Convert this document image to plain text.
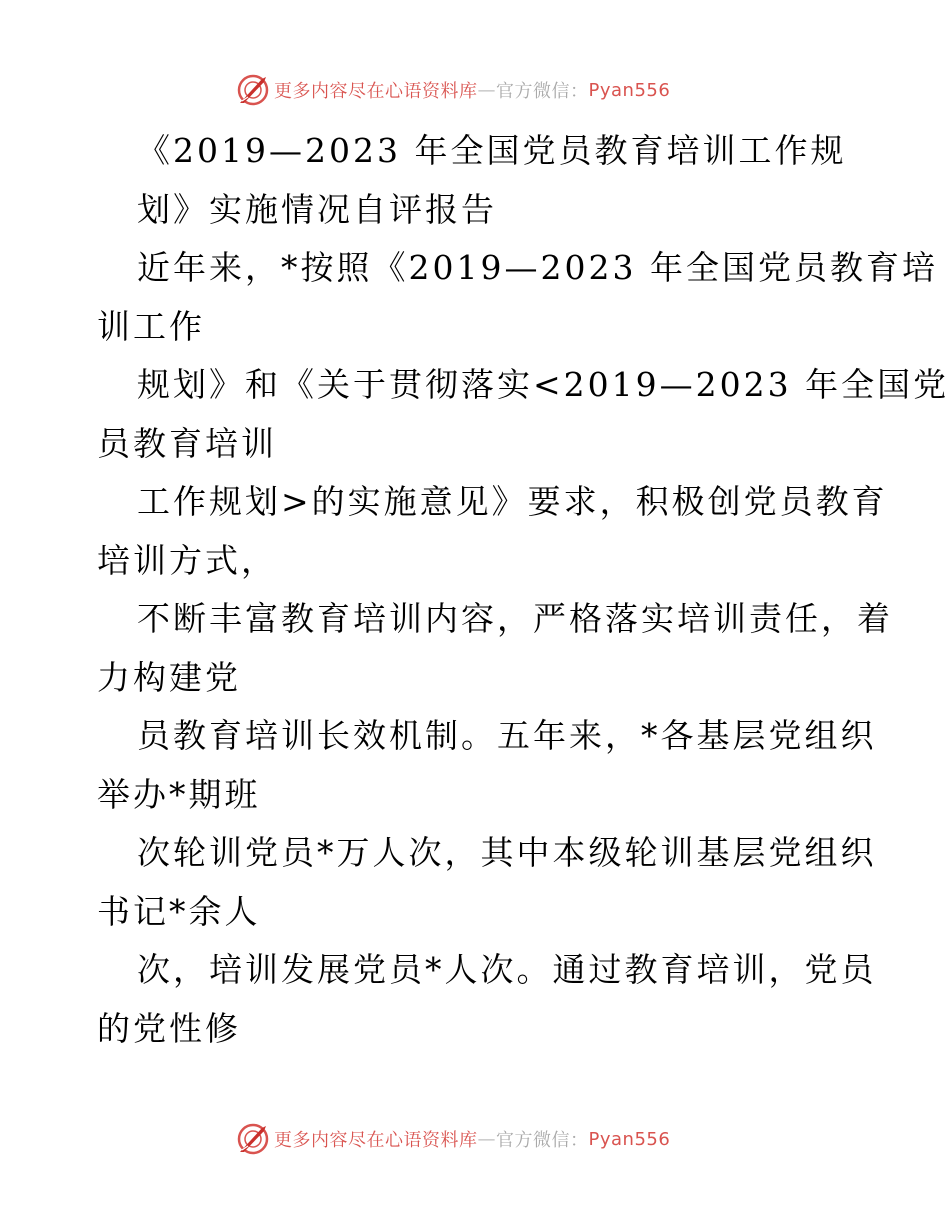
更多内容尽在心语资料库 — 官方微信： Pyan556
《2019—2023 年全国党员教育培训工作规
划》实施情况自评报告
近年来，*按照《2019—2023 年全国党员教育培
训工作
规划》和《关于贯彻落实<2019—2023 年全国党
员教育培训
工作规划>的实施意见》要求，积极创党员教育
培训方式，
不断丰富教育培训内容，严格落实培训责任，着
力构建党
员教育培训长效机制。五年来，*各基层党组织
举办*期班
次轮训党员*万人次，其中本级轮训基层党组织
书记*余人
次，培训发展党员*人次。通过教育培训，党员
的党性修
更多内容尽在心语资料库 — 官方微信： Pyan556
